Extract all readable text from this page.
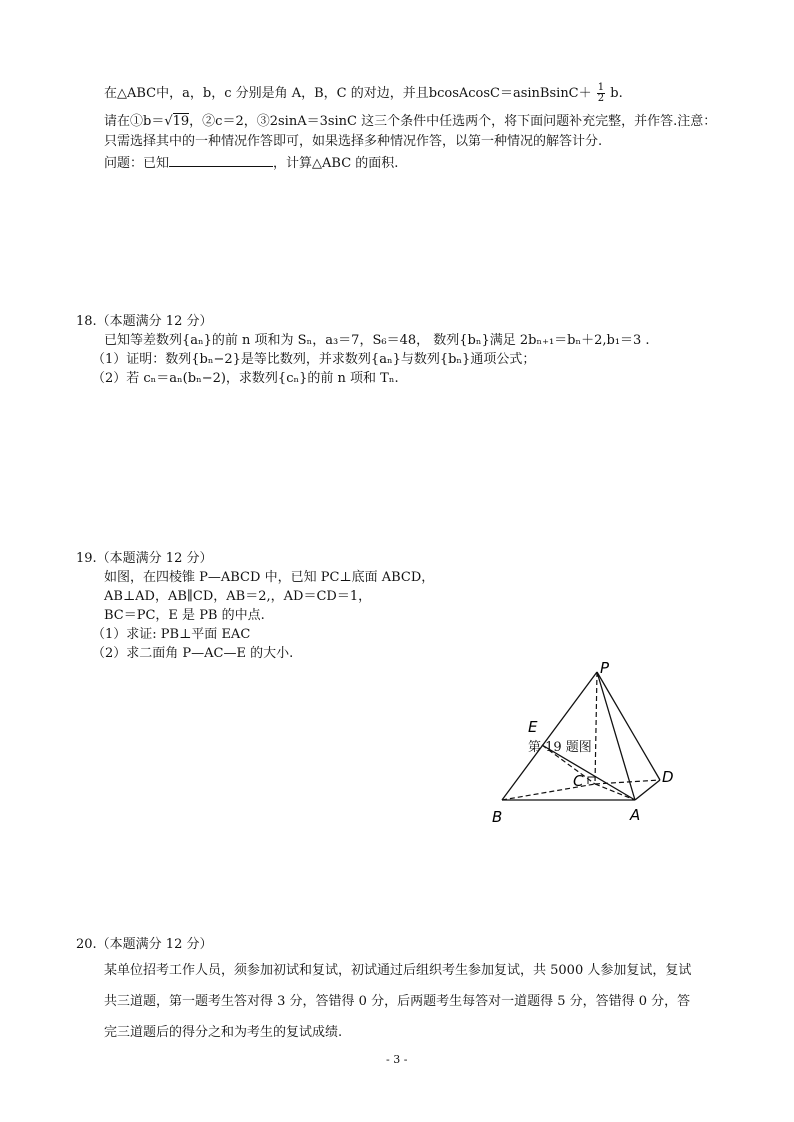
在△ABC中，a，b，c 分别是角 A，B，C 的对边，并且bcosAcosC＝asinBsinC＋ $\frac{1}{2} b$.
请在①b＝√19，②c＝2，③2sinA＝3sinC 这三个条件中任选两个，将下面问题补充完整，并作答.注意：
只需选择其中的一种情况作答即可，如果选择多种情况作答，以第一种情况的解答计分.
问题：已知	，计算△ABC 的面积.
18.（本题满分 12 分）
已知等差数列{aₙ}的前 n 项和为 Sₙ，a₃＝7，S₆＝48， 数列{bₙ}满足 2bₙ₊₁＝bₙ＋2,b₁＝3 .
（1）证明：数列{bₙ−2}是等比数列，并求数列{aₙ}与数列{bₙ}通项公式；
（2）若 cₙ＝aₙ(bₙ−2)，求数列{cₙ}的前 n 项和 Tₙ.
19.（本题满分 12 分）
如图，在四棱锥 P—ABCD 中，已知 PC⊥底面 ABCD，
AB⊥AD，AB∥CD，AB＝2,，AD＝CD＝1，
BC＝PC，E 是 PB 的中点.
（1）求证: PB⊥平面 EAC
（2）求二面角 P—AC—E 的大小.
P
E
C	D
B	A
第 19 题图
20.（本题满分 12 分）
某单位招考工作人员，须参加初试和复试，初试通过后组织考生参加复试，共 5000 人参加复试，复试
共三道题，第一题考生答对得 3 分，答错得 0 分，后两题考生每答对一道题得 5 分，答错得 0 分，答
完三道题后的得分之和为考生的复试成绩.
- 3 -
